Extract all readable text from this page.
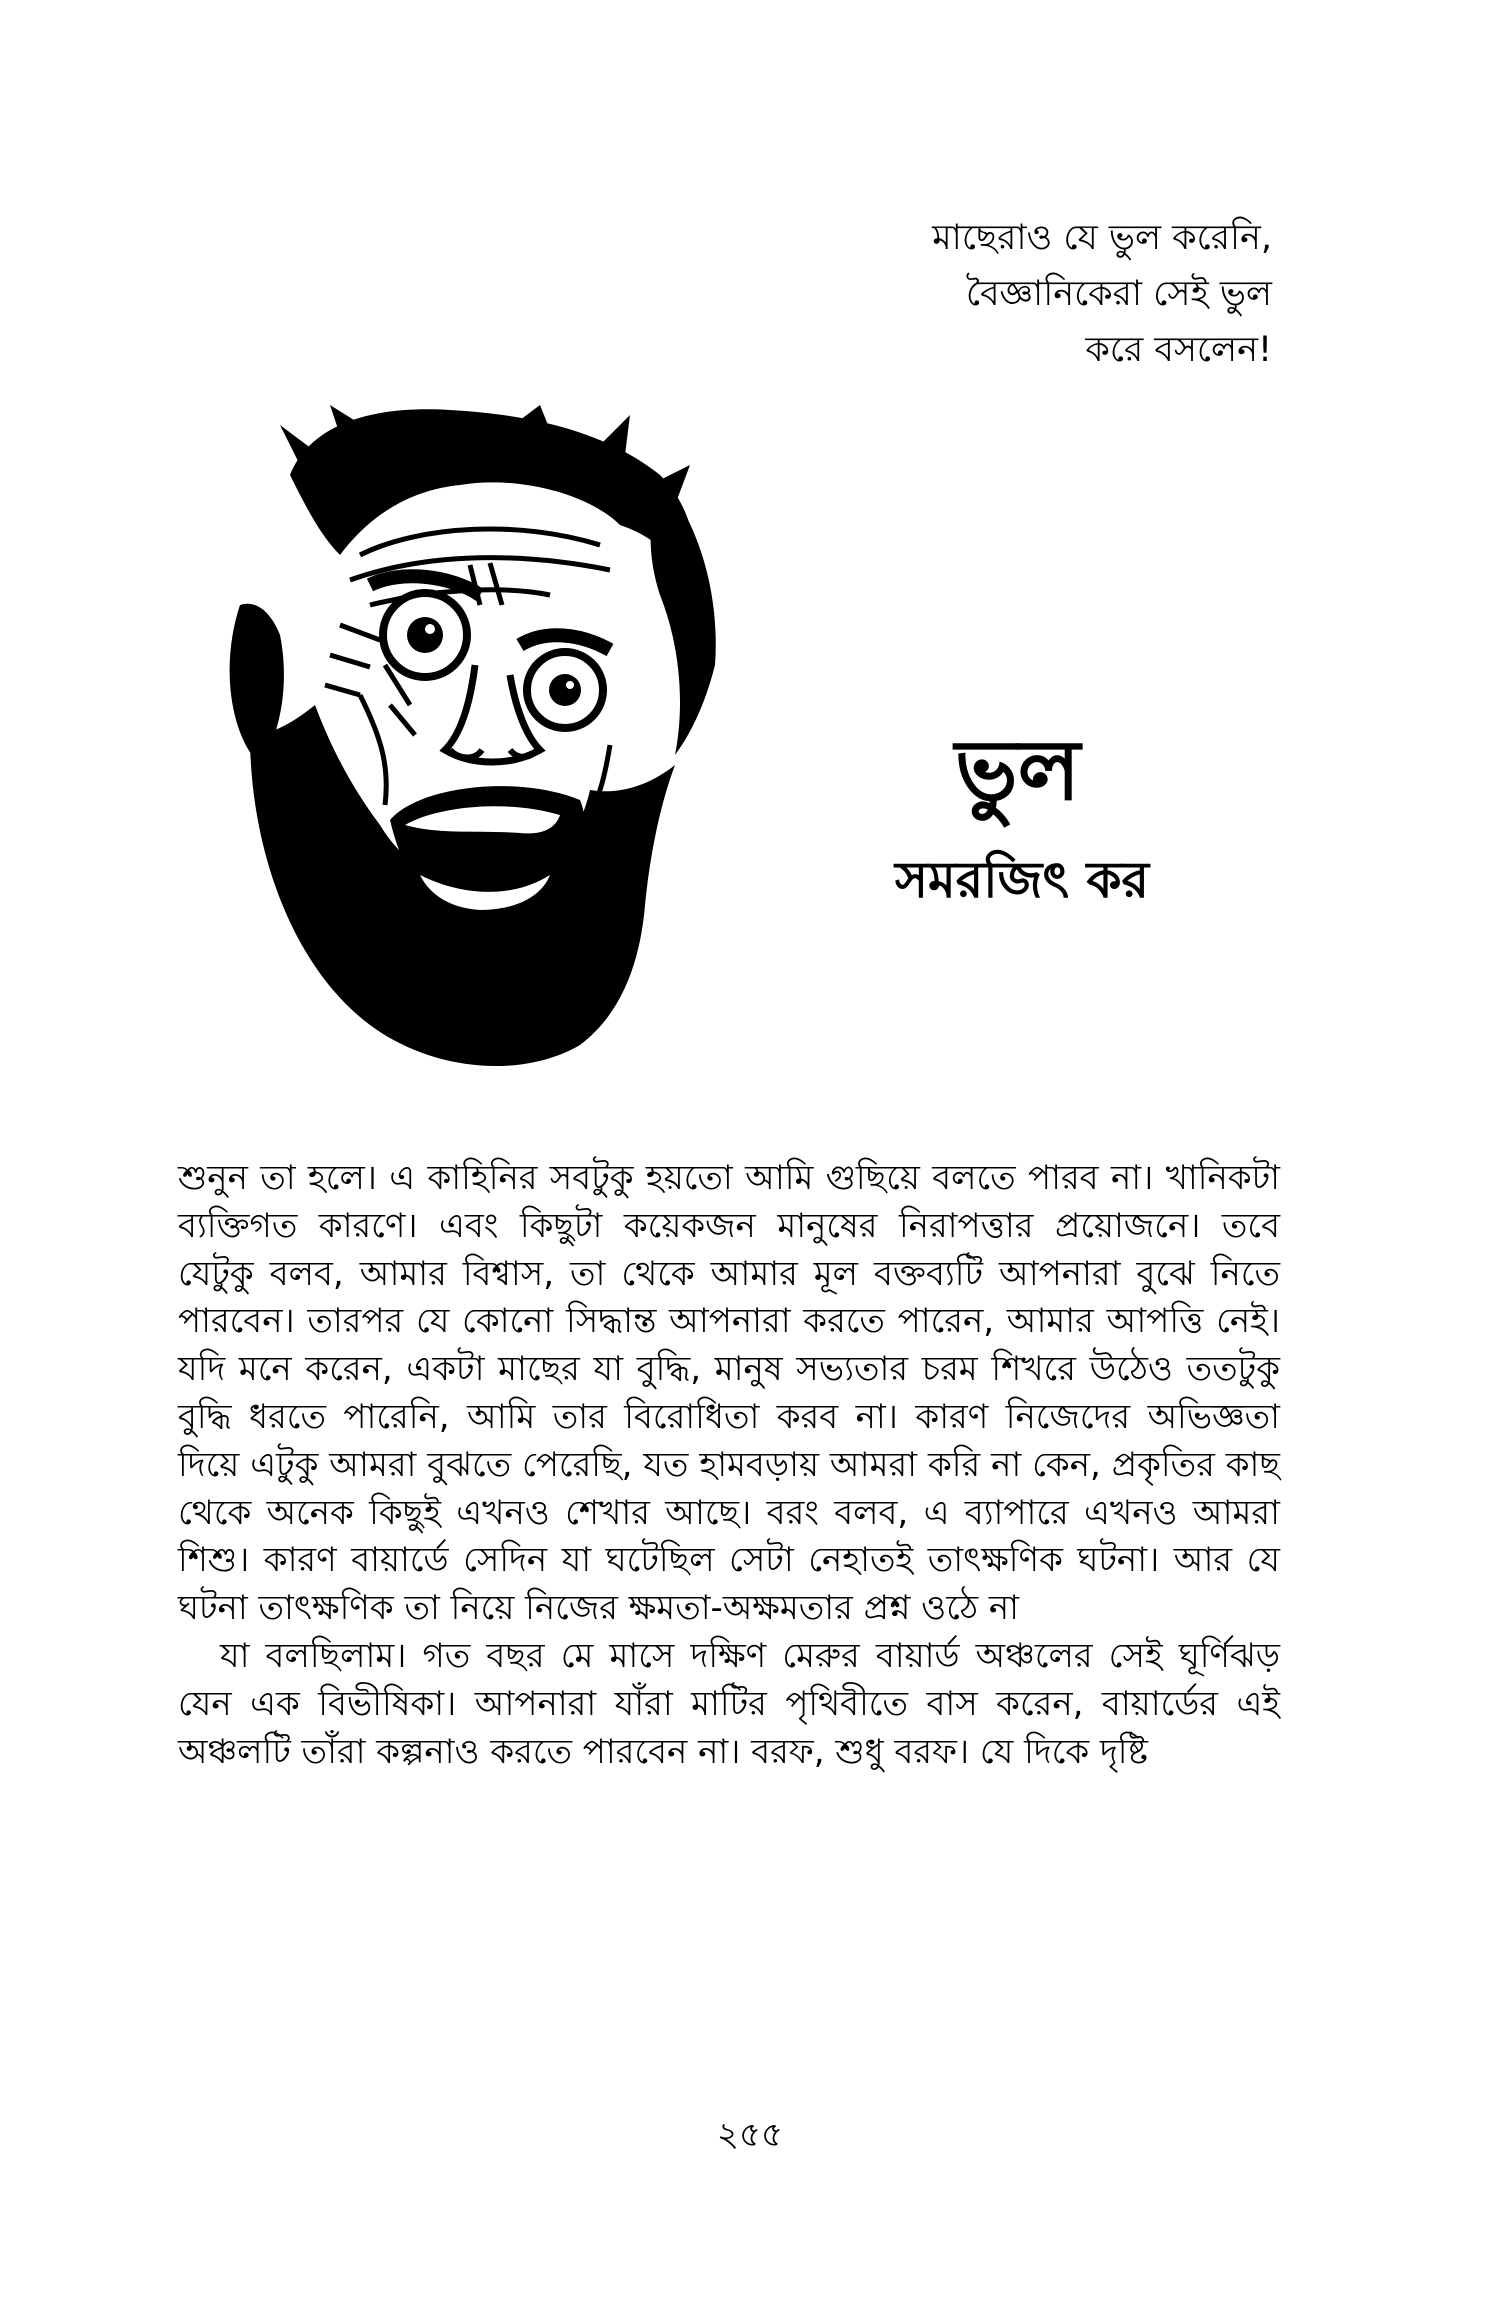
মাছেরাও যে ভুল করেনি,
বৈজ্ঞানিকেরা সেই ভুল
করে বসলেন!
ভুল
সমরজিৎ কর

শুনুন তা হলে। এ কাহিনির সবটুকু হয়তো আমি গুছিয়ে বলতে পারব না। খানিকটা ব্যক্তিগত কারণে। এবং কিছুটা কয়েকজন মানুষের নিরাপত্তার প্রয়োজনে। তবে যেটুকু বলব, আমার বিশ্বাস, তা থেকে আমার মূল বক্তব্যটি আপনারা বুঝে নিতে পারবেন। তারপর যে কোনো সিদ্ধান্ত আপনারা করতে পারেন, আমার আপত্তি নেই। যদি মনে করেন, একটা মাছের যা বুদ্ধি, মানুষ সভ্যতার চরম শিখরে উঠেও ততটুকু বুদ্ধি ধরতে পারেনি, আমি তার বিরোধিতা করব না। কারণ নিজেদের অভিজ্ঞতা দিয়ে এটুকু আমরা বুঝতে পেরেছি, যত হামবড়ায় আমরা করি না কেন, প্রকৃতির কাছ থেকে অনেক কিছুই এখনও শেখার আছে। বরং বলব, এ ব্যাপারে এখনও আমরা শিশু। কারণ বায়ার্ডে সেদিন যা ঘটেছিল সেটা নেহাতই তাৎক্ষণিক ঘটনা। আর যে ঘটনা তাৎক্ষণিক তা নিয়ে নিজের ক্ষমতা-অক্ষমতার প্রশ্ন ওঠে না

যা বলছিলাম। গত বছর মে মাসে দক্ষিণ মেরুর বায়ার্ড অঞ্চলের সেই ঘূর্ণিঝড় যেন এক বিভীষিকা। আপনারা যাঁরা মাটির পৃথিবীতে বাস করেন, বায়ার্ডের এই অঞ্চলটি তাঁরা কল্পনাও করতে পারবেন না। বরফ, শুধু বরফ। যে দিকে দৃষ্টি

২৫৫
